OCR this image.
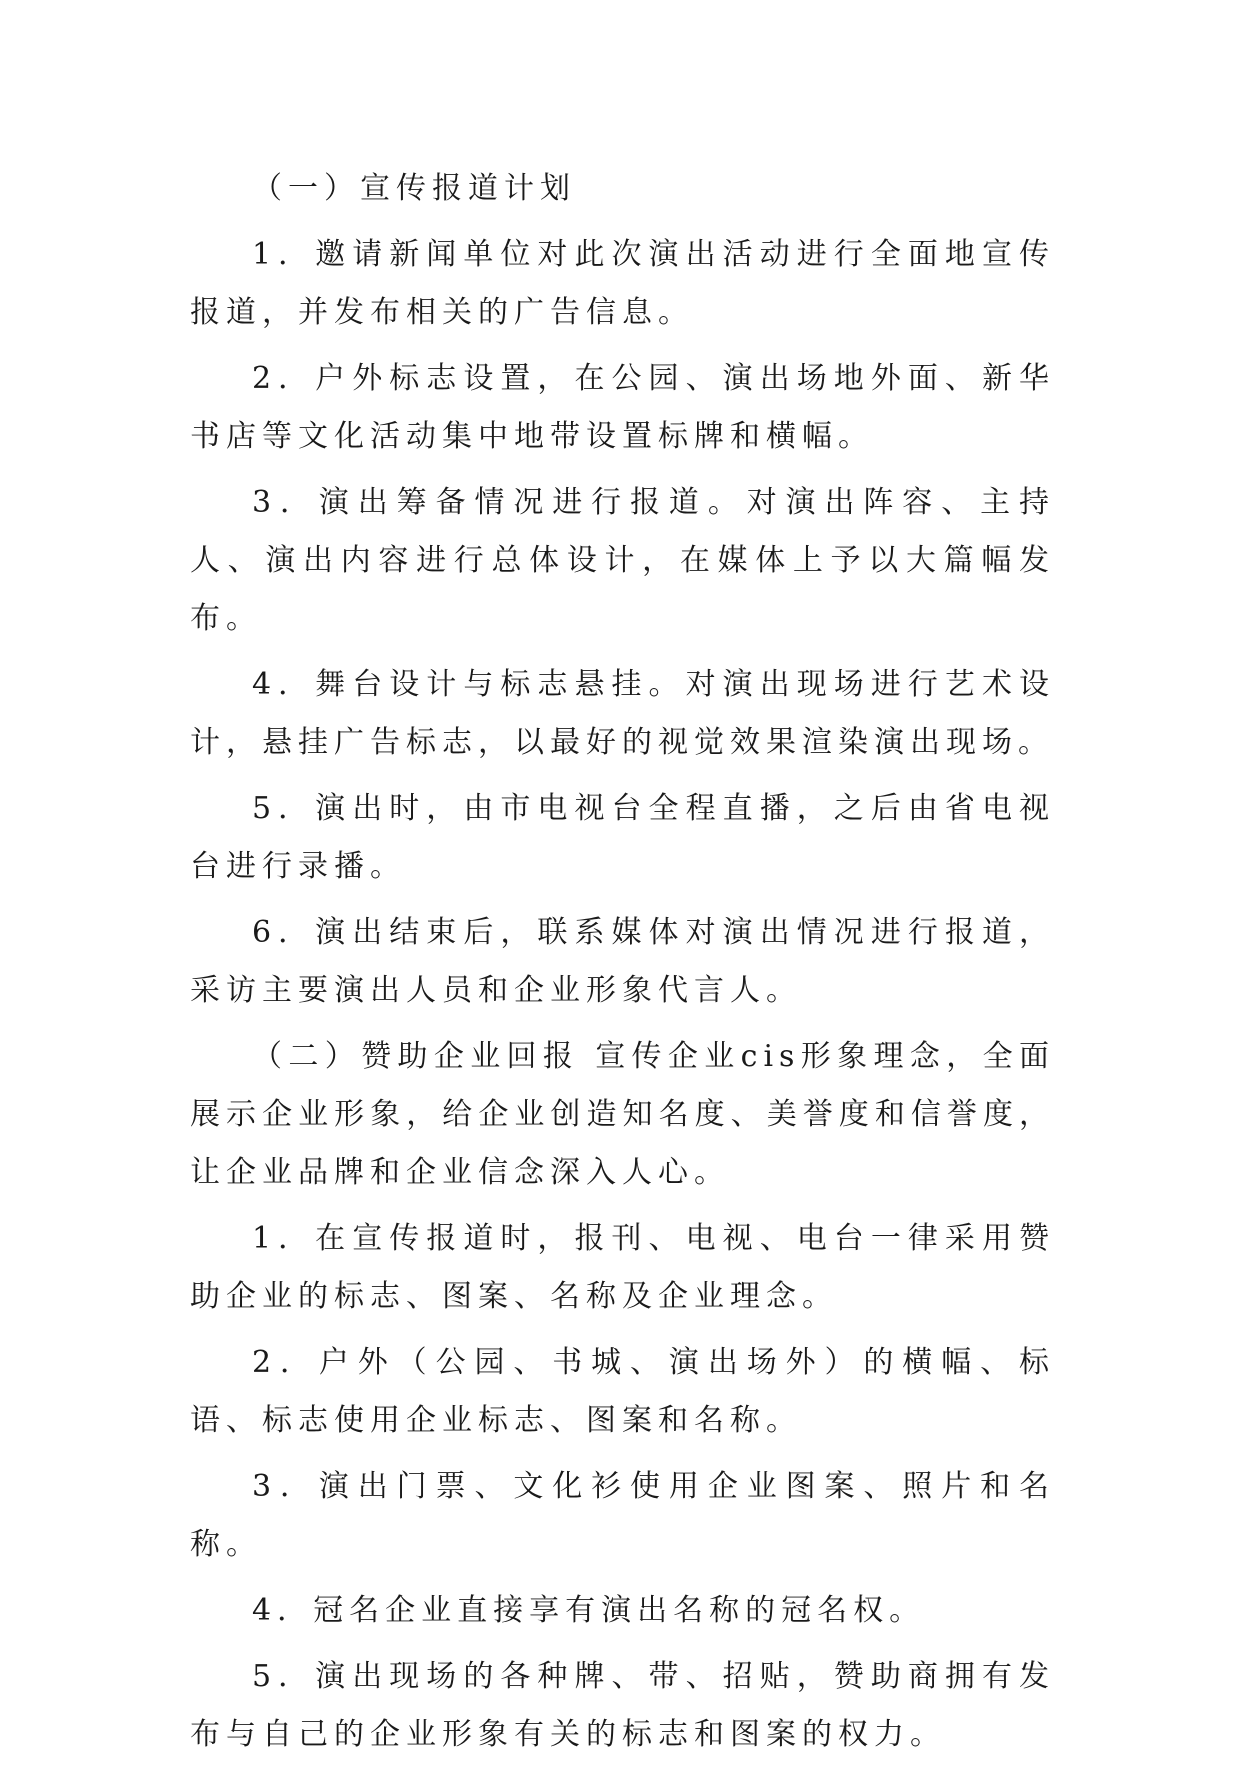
（一）宣传报道计划

1．邀请新闻单位对此次演出活动进行全面地宣传报道，并发布相关的广告信息。

2．户外标志设置，在公园、演出场地外面、新华书店等文化活动集中地带设置标牌和横幅。

3．演出筹备情况进行报道。对演出阵容、主持人、演出内容进行总体设计，在媒体上予以大篇幅发布。

4．舞台设计与标志悬挂。对演出现场进行艺术设计，悬挂广告标志，以最好的视觉效果渲染演出现场。

5．演出时，由市电视台全程直播，之后由省电视台进行录播。

6．演出结束后，联系媒体对演出情况进行报道，采访主要演出人员和企业形象代言人。

（二）赞助企业回报 宣传企业cis形象理念，全面展示企业形象，给企业创造知名度、美誉度和信誉度，让企业品牌和企业信念深入人心。

1．在宣传报道时，报刊、电视、电台一律采用赞助企业的标志、图案、名称及企业理念。

2．户外（公园、书城、演出场外）的横幅、标语、标志使用企业标志、图案和名称。

3．演出门票、文化衫使用企业图案、照片和名称。

4．冠名企业直接享有演出名称的冠名权。

5．演出现场的各种牌、带、招贴，赞助商拥有发布与自己的企业形象有关的标志和图案的权力。
